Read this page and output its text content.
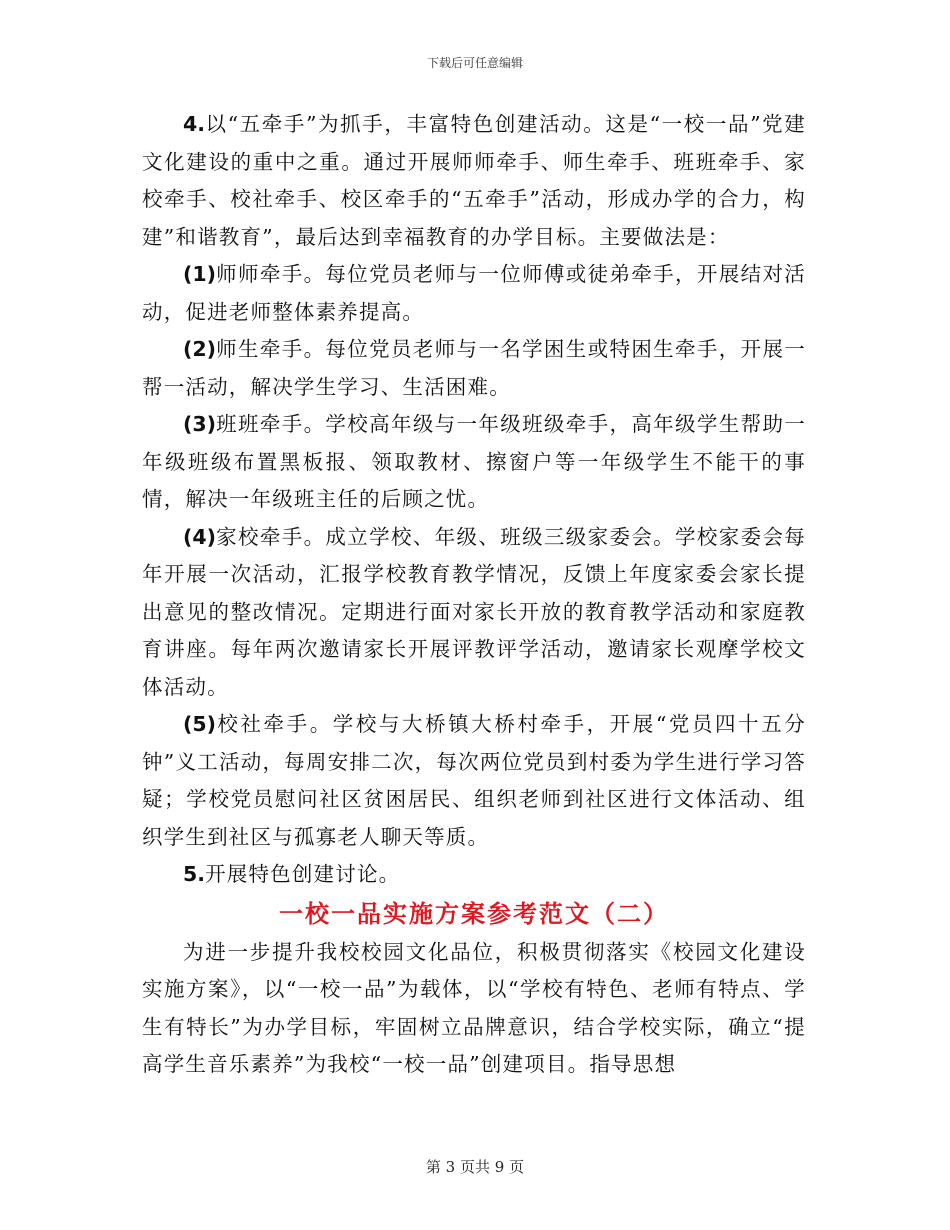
下载后可任意编辑

4.以“五牵手”为抓手，丰富特色创建活动。这是“一校一品”党建文化建设的重中之重。通过开展师师牵手、师生牵手、班班牵手、家校牵手、校社牵手、校区牵手的“五牵手”活动，形成办学的合力，构建”和谐教育”，最后达到幸福教育的办学目标。主要做法是：

(1)师师牵手。每位党员老师与一位师傅或徒弟牵手，开展结对活动，促进老师整体素养提高。

(2)师生牵手。每位党员老师与一名学困生或特困生牵手，开展一帮一活动，解决学生学习、生活困难。

(3)班班牵手。学校高年级与一年级班级牵手，高年级学生帮助一年级班级布置黑板报、领取教材、擦窗户等一年级学生不能干的事情，解决一年级班主任的后顾之忧。

(4)家校牵手。成立学校、年级、班级三级家委会。学校家委会每年开展一次活动，汇报学校教育教学情况，反馈上年度家委会家长提出意见的整改情况。定期进行面对家长开放的教育教学活动和家庭教育讲座。每年两次邀请家长开展评教评学活动，邀请家长观摩学校文体活动。

(5)校社牵手。学校与大桥镇大桥村牵手，开展“党员四十五分钟”义工活动，每周安排二次，每次两位党员到村委为学生进行学习答疑；学校党员慰问社区贫困居民、组织老师到社区进行文体活动、组织学生到社区与孤寡老人聊天等质。

5.开展特色创建讨论。

一校一品实施方案参考范文（二）

为进一步提升我校校园文化品位，积极贯彻落实《校园文化建设实施方案》，以“一校一品”为载体，以“学校有特色、老师有特点、学生有特长”为办学目标，牢固树立品牌意识，结合学校实际，确立“提高学生音乐素养”为我校“一校一品”创建项目。指导思想

第 3 页共 9 页
